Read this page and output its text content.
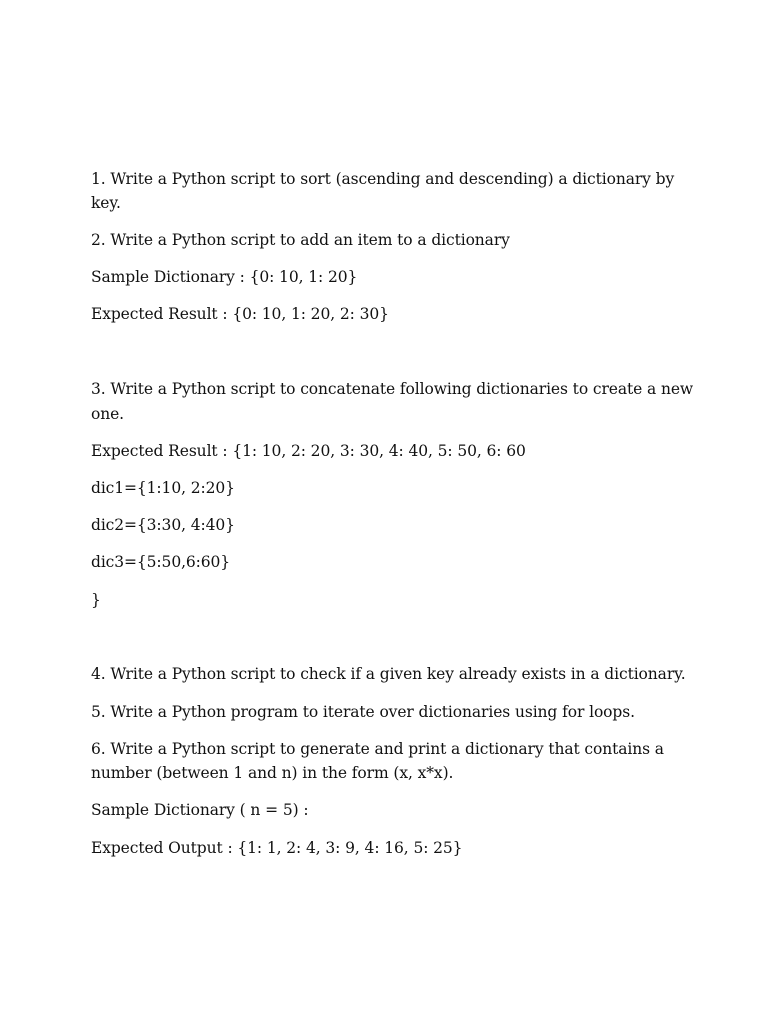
1. Write a Python script to sort (ascending and descending) a dictionary by
key.
2. Write a Python script to add an item to a dictionary
Sample Dictionary : {0: 10, 1: 20}
Expected Result : {0: 10, 1: 20, 2: 30}
3. Write a Python script to concatenate following dictionaries to create a new
one.
Expected Result : {1: 10, 2: 20, 3: 30, 4: 40, 5: 50, 6: 60
dic1={1:10, 2:20}
dic2={3:30, 4:40}
dic3={5:50,6:60}
}
4. Write a Python script to check if a given key already exists in a dictionary.
5. Write a Python program to iterate over dictionaries using for loops.
6. Write a Python script to generate and print a dictionary that contains a
number (between 1 and n) in the form (x, x*x).
Sample Dictionary ( n = 5) :
Expected Output : {1: 1, 2: 4, 3: 9, 4: 16, 5: 25}
